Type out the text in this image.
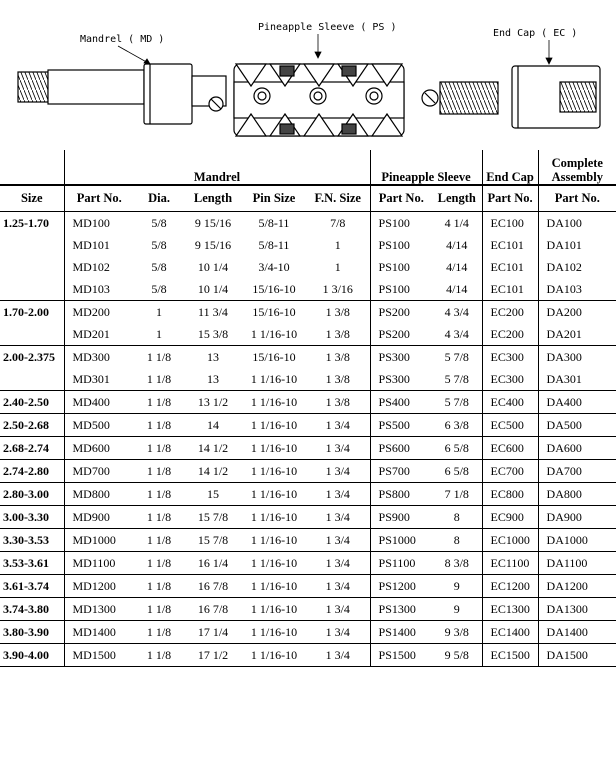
Mandrel ( MD )
Pineapple Sleeve ( PS )
End Cap ( EC )
	Mandrel					Pineapple Sleeve		End Cap	Complete
Assembly
Size	Part No.	Dia.	Length	Pin Size	F.N. Size	Part No.	Length	Part No.	Part No.
1.25-1.70	MD100	5/8	9 15/16	5/8-11	7/8	PS100	4 1/4	EC100	DA100
	MD101	5/8	9 15/16	5/8-11	1	PS100	4/14	EC101	DA101
	MD102	5/8	10 1/4	3/4-10	1	PS100	4/14	EC101	DA102
	MD103	5/8	10 1/4	15/16-10	1 3/16	PS100	4/14	EC101	DA103
1.70-2.00	MD200	1	11 3/4	15/16-10	1 3/8	PS200	4 3/4	EC200	DA200
	MD201	1	15 3/8	1 1/16-10	1 3/8	PS200	4 3/4	EC200	DA201
2.00-2.375	MD300	1 1/8	13	15/16-10	1 3/8	PS300	5 7/8	EC300	DA300
	MD301	1 1/8	13	1 1/16-10	1 3/8	PS300	5 7/8	EC300	DA301
2.40-2.50	MD400	1 1/8	13 1/2	1 1/16-10	1 3/8	PS400	5 7/8	EC400	DA400
2.50-2.68	MD500	1 1/8	14	1 1/16-10	1 3/4	PS500	6 3/8	EC500	DA500
2.68-2.74	MD600	1 1/8	14 1/2	1 1/16-10	1 3/4	PS600	6 5/8	EC600	DA600
2.74-2.80	MD700	1 1/8	14 1/2	1 1/16-10	1 3/4	PS700	6 5/8	EC700	DA700
2.80-3.00	MD800	1 1/8	15	1 1/16-10	1 3/4	PS800	7 1/8	EC800	DA800
3.00-3.30	MD900	1 1/8	15 7/8	1 1/16-10	1 3/4	PS900	8	EC900	DA900
3.30-3.53	MD1000	1 1/8	15 7/8	1 1/16-10	1 3/4	PS1000	8	EC1000	DA1000
3.53-3.61	MD1100	1 1/8	16 1/4	1 1/16-10	1 3/4	PS1100	8 3/8	EC1100	DA1100
3.61-3.74	MD1200	1 1/8	16 7/8	1 1/16-10	1 3/4	PS1200	9	EC1200	DA1200
3.74-3.80	MD1300	1 1/8	16 7/8	1 1/16-10	1 3/4	PS1300	9	EC1300	DA1300
3.80-3.90	MD1400	1 1/8	17 1/4	1 1/16-10	1 3/4	PS1400	9 3/8	EC1400	DA1400
3.90-4.00	MD1500	1 1/8	17 1/2	1 1/16-10	1 3/4	PS1500	9 5/8	EC1500	DA1500
